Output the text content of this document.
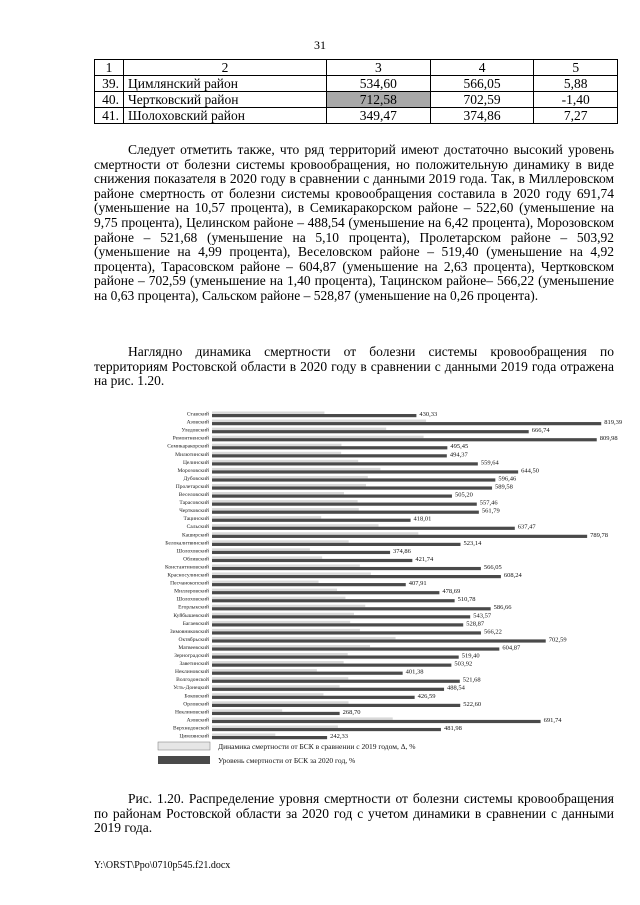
31
1	2	3	4	5
39.	Цимлянский район	534,60	566,05	5,88
40.	Чертковский район	712,58	702,59	-1,40
41.	Шолоховский район	349,47	374,86	7,27

Следует отметить также, что ряд территорий имеют достаточно высокий уровень смертности от болезни системы кровообращения, но положительную динамику в виде снижения показателя в 2020 году в сравнении с данными 2019 года. Так, в Миллеровском районе смертность от болезни системы кровообращения составила в 2020 году 691,74 (уменьшение на 10,57 процента), в Семикаракорском районе – 522,60 (уменьшение на 9,75 процента), Целинском районе – 488,54 (уменьшение на 6,42 процента), Морозовском районе – 521,68 (уменьшение на 5,10 процента), Пролетарском районе – 503,92 (уменьшение на 4,99 процента), Веселовском районе – 519,40 (уменьшение на 4,92 процента), Тарасовском районе – 604,87 (уменьшение на 2,63 процента), Чертковском районе – 702,59 (уменьшение на 1,40 процента), Тацинском районе– 566,22 (уменьшение на 0,63 процента), Сальском районе – 528,87 (уменьшение на 0,26 процента).

Наглядно динамика смертности от болезни системы кровообращения по территориям Ростовской области в 2020 году в сравнении с данными 2019 года отражена на рис. 1.20.

Ставский	430,33
Азовский	819,39
Уледовский	666,74
Ремонтненский	809,98
Семикаракорский	495,45
Милютинский	494,37
Целинский	559,64
Морозовский	644,50
Дубовский	596,46
Пролетарский	589,58
Веселовский	505,20
Тарасовский	557,46
Чертковский	561,79
Тацинский	418,01
Сальский	637,47
Каширский	789,78
Белокалитвинский	523,14
Шолоховский	374,86
Обливский	421,74
Константиновский	566,05
Красносулинский	608,24
Песчанокопский	407,91
Миллеровский	478,69
Шолоховский	510,78
Егорлыкский	586,66
Куйбышевский	543,57
Багаевский	528,87
Зимовниковский	566,22
Октябрьский	702,59
Матвеевский	604,87
Зерноградский	519,40
Заветинский	503,92
Неклиновский	401,38
Волгодонской	521,68
Усть-Донецкий	488,54
Боковский	426,59
Орловский	522,60
Неклиновский	268,70
Азовский	691,74
Верхнедонской	481,98
Цимлянский	242,33
Динамика смертности от БСК в сравнении с 2019 годом, Δ, %
Уровень смертности от БСК за 2020 год, %

Рис. 1.20. Распределение уровня смертности от болезни системы кровообращения по районам Ростовской области за 2020 год с учетом динамики в сравнении с данными 2019 года.

Y:\ORST\Ppo\0710p545.f21.docx
